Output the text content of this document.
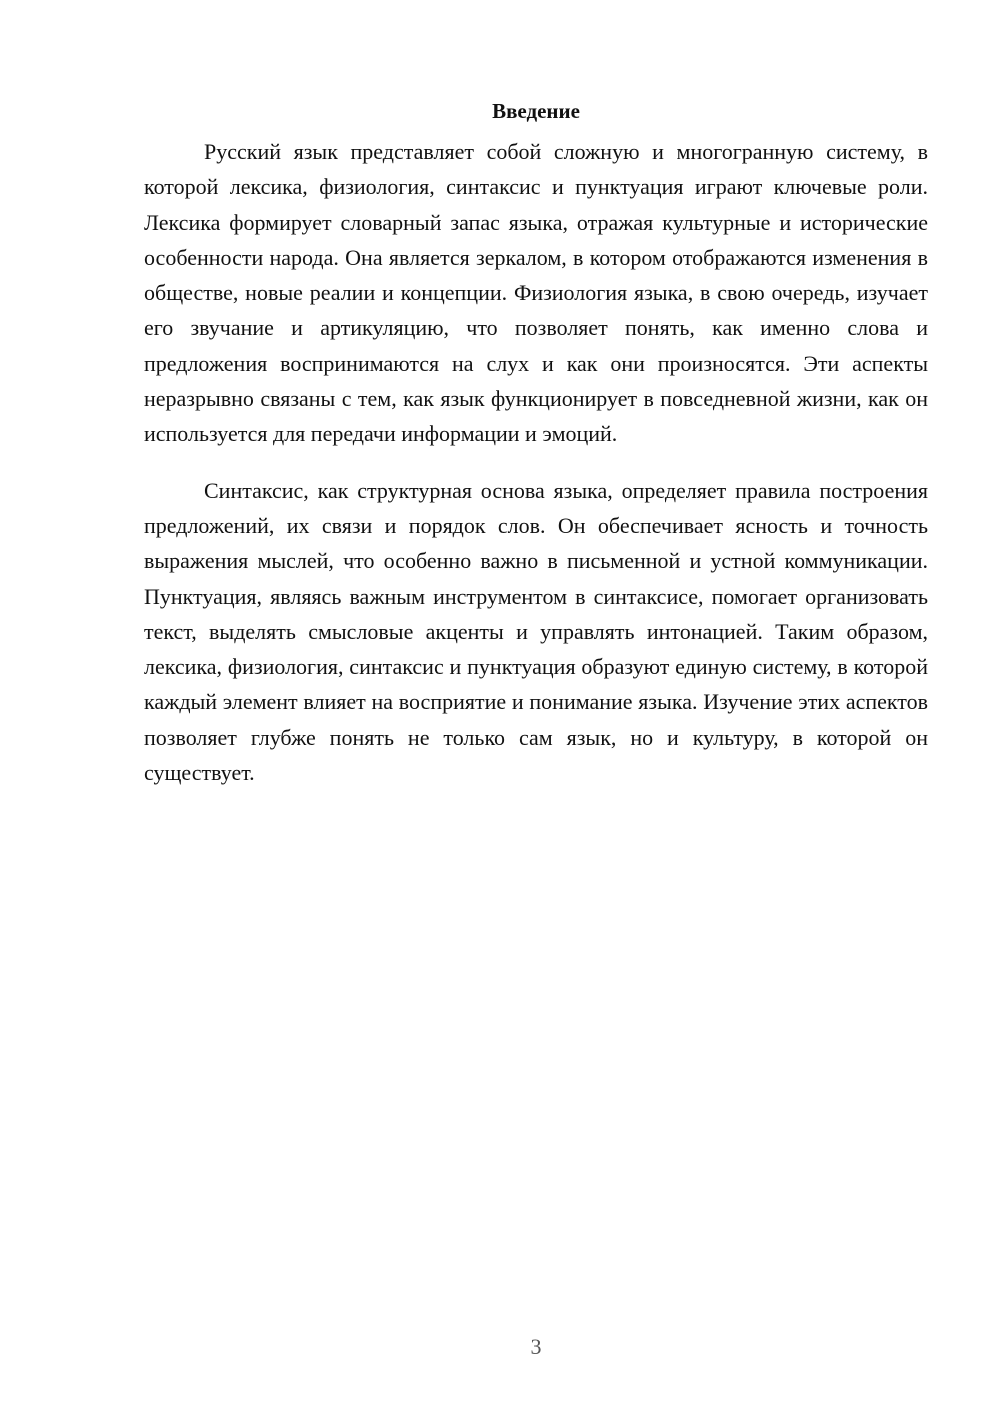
Введение

Русский язык представляет собой сложную и многогранную систему, в которой лексика, физиология, синтаксис и пунктуация играют ключевые роли. Лексика формирует словарный запас языка, отражая культурные и исторические особенности народа. Она является зеркалом, в котором отображаются изменения в обществе, новые реалии и концепции. Физиология языка, в свою очередь, изучает его звучание и артикуляцию, что позволяет понять, как именно слова и предложения воспринимаются на слух и как они произносятся. Эти аспекты неразрывно связаны с тем, как язык функционирует в повседневной жизни, как он используется для передачи информации и эмоций.

Синтаксис, как структурная основа языка, определяет правила построения предложений, их связи и порядок слов. Он обеспечивает ясность и точность выражения мыслей, что особенно важно в письменной и устной коммуникации. Пунктуация, являясь важным инструментом в синтаксисе, помогает организовать текст, выделять смысловые акценты и управлять интонацией. Таким образом, лексика, физиология, синтаксис и пунктуация образуют единую систему, в которой каждый элемент влияет на восприятие и понимание языка. Изучение этих аспектов позволяет глубже понять не только сам язык, но и культуру, в которой он существует.

3
